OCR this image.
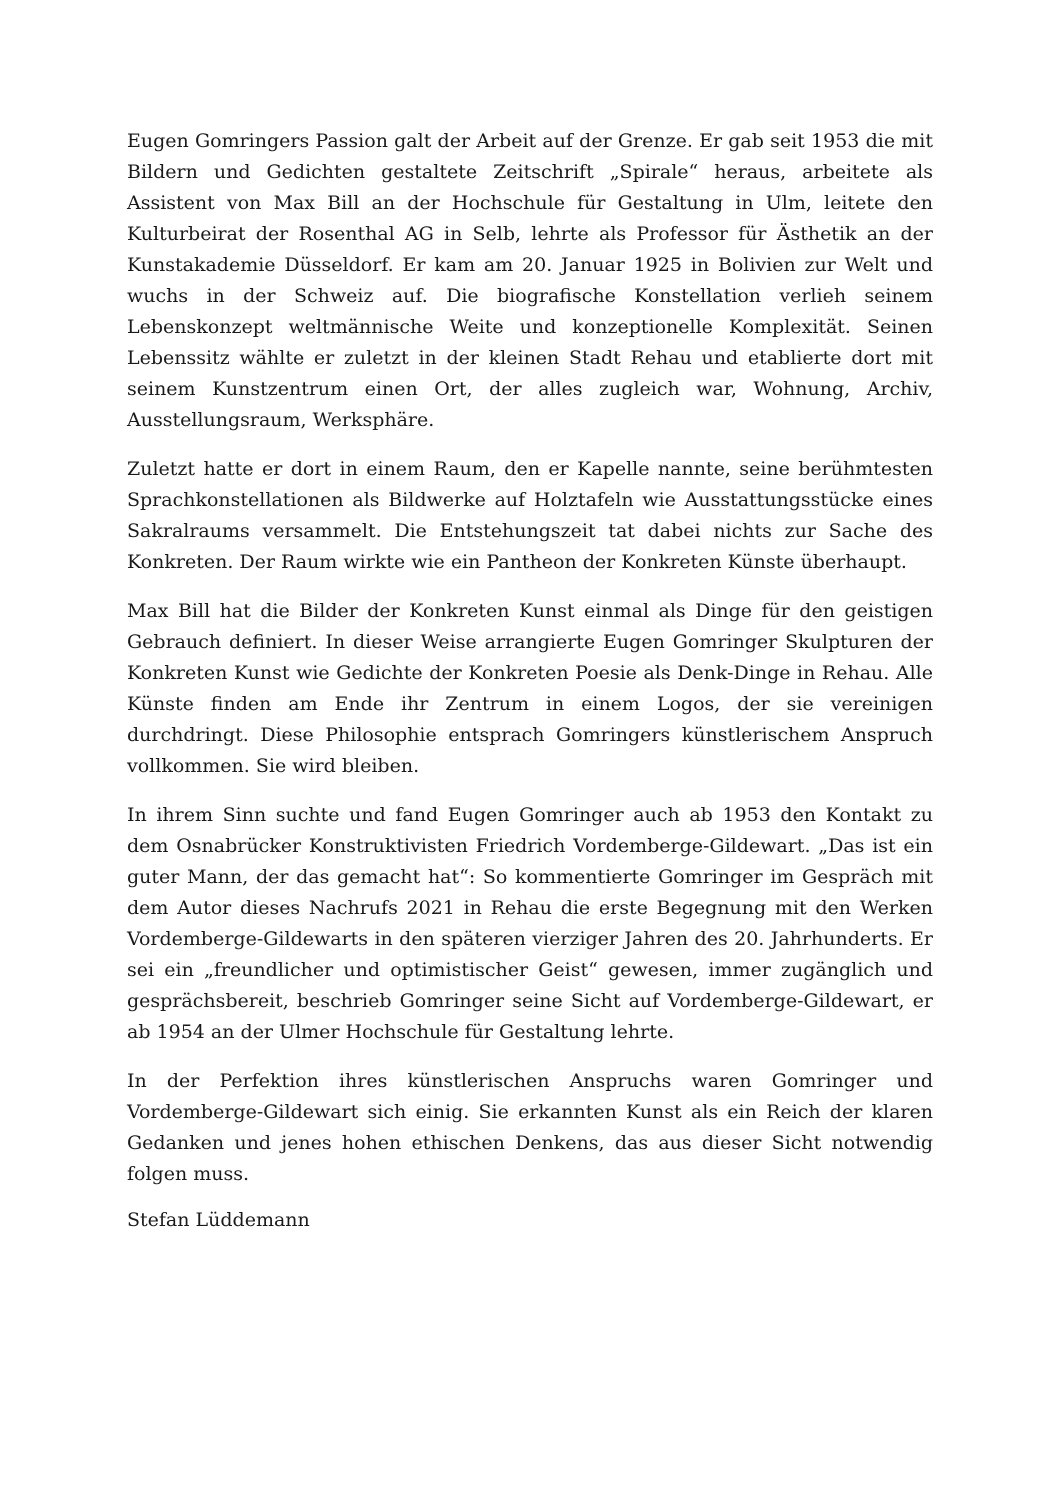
Eugen Gomringers Passion galt der Arbeit auf der Grenze. Er gab seit 1953 die mit Bildern und Gedichten gestaltete Zeitschrift „Spirale“ heraus, arbeitete als Assistent von Max Bill an der Hochschule für Gestaltung in Ulm, leitete den Kulturbeirat der Rosenthal AG in Selb, lehrte als Professor für Ästhetik an der Kunstakademie Düsseldorf. Er kam am 20. Januar 1925 in Bolivien zur Welt und wuchs in der Schweiz auf. Die biografische Konstellation verlieh seinem Lebenskonzept weltmännische Weite und konzeptionelle Komplexität. Seinen Lebenssitz wählte er zuletzt in der kleinen Stadt Rehau und etablierte dort mit seinem Kunstzentrum einen Ort, der alles zugleich war, Wohnung, Archiv, Ausstellungsraum, Werksphäre.

Zuletzt hatte er dort in einem Raum, den er Kapelle nannte, seine berühmtesten Sprachkonstellationen als Bildwerke auf Holztafeln wie Ausstattungsstücke eines Sakralraums versammelt. Die Entstehungszeit tat dabei nichts zur Sache des Konkreten. Der Raum wirkte wie ein Pantheon der Konkreten Künste überhaupt.

Max Bill hat die Bilder der Konkreten Kunst einmal als Dinge für den geistigen Gebrauch definiert. In dieser Weise arrangierte Eugen Gomringer Skulpturen der Konkreten Kunst wie Gedichte der Konkreten Poesie als Denk-Dinge in Rehau. Alle Künste finden am Ende ihr Zentrum in einem Logos, der sie vereinigen durchdringt. Diese Philosophie entsprach Gomringers künstlerischem Anspruch vollkommen. Sie wird bleiben.

In ihrem Sinn suchte und fand Eugen Gomringer auch ab 1953 den Kontakt zu dem Osnabrücker Konstruktivisten Friedrich Vordemberge-Gildewart. „Das ist ein guter Mann, der das gemacht hat“: So kommentierte Gomringer im Gespräch mit dem Autor dieses Nachrufs 2021 in Rehau die erste Begegnung mit den Werken Vordemberge-Gildewarts in den späteren vierziger Jahren des 20. Jahrhunderts. Er sei ein „freundlicher und optimistischer Geist“ gewesen, immer zugänglich und gesprächsbereit, beschrieb Gomringer seine Sicht auf Vordemberge-Gildewart, er ab 1954 an der Ulmer Hochschule für Gestaltung lehrte.

In der Perfektion ihres künstlerischen Anspruchs waren Gomringer und Vordemberge-Gildewart sich einig. Sie erkannten Kunst als ein Reich der klaren Gedanken und jenes hohen ethischen Denkens, das aus dieser Sicht notwendig folgen muss.

Stefan Lüddemann
